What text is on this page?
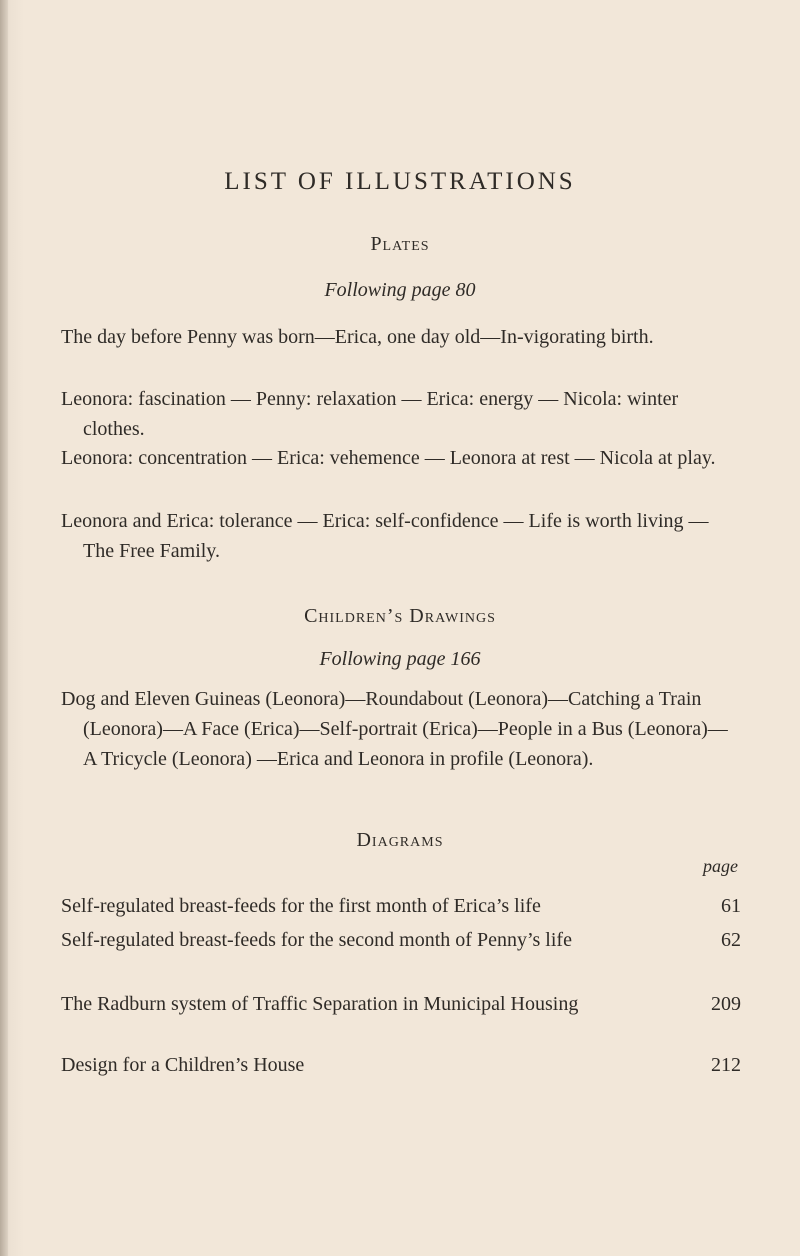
LIST OF ILLUSTRATIONS
Plates
Following page 80
The day before Penny was born—Erica, one day old—In-vigorating birth.
Leonora: fascination — Penny: relaxation — Erica: energy — Nicola: winter clothes.
Leonora: concentration — Erica: vehemence — Leonora at rest — Nicola at play.
Leonora and Erica: tolerance — Erica: self-confidence — Life is worth living — The Free Family.
Children’s Drawings
Following page 166
Dog and Eleven Guineas (Leonora)—Roundabout (Leonora)—Catching a Train (Leonora)—A Face (Erica)—Self-portrait (Erica)—People in a Bus (Leonora)—A Tricycle (Leonora) —Erica and Leonora in profile (Leonora).
Diagrams
page
Self-regulated breast-feeds for the first month of Erica’s life	61
Self-regulated breast-feeds for the second month of Penny’s life	62
The Radburn system of Traffic Separation in Municipal Housing	209
Design for a Children’s House	212
